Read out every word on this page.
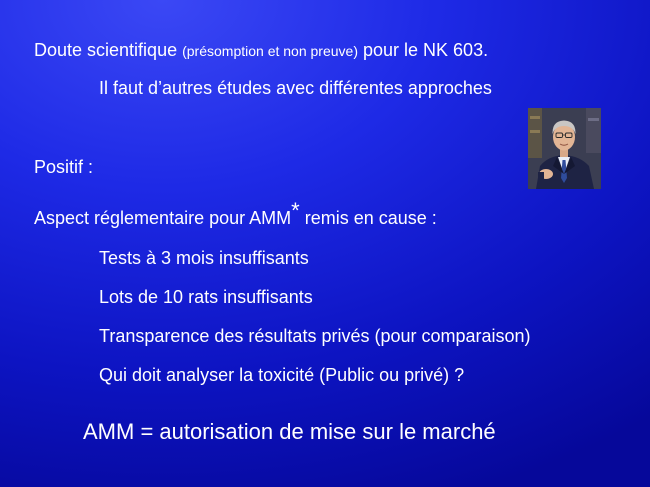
Doute scientifique (présomption et non preuve) pour le NK 603.
Il faut d’autres études avec différentes approches
Positif :
Aspect réglementaire pour AMM* remis en cause :
Tests à 3 mois insuffisants
Lots de 10 rats insuffisants
Transparence des résultats privés (pour comparaison)
Qui doit analyser la toxicité (Public ou privé) ?
AMM = autorisation de mise sur le marché
